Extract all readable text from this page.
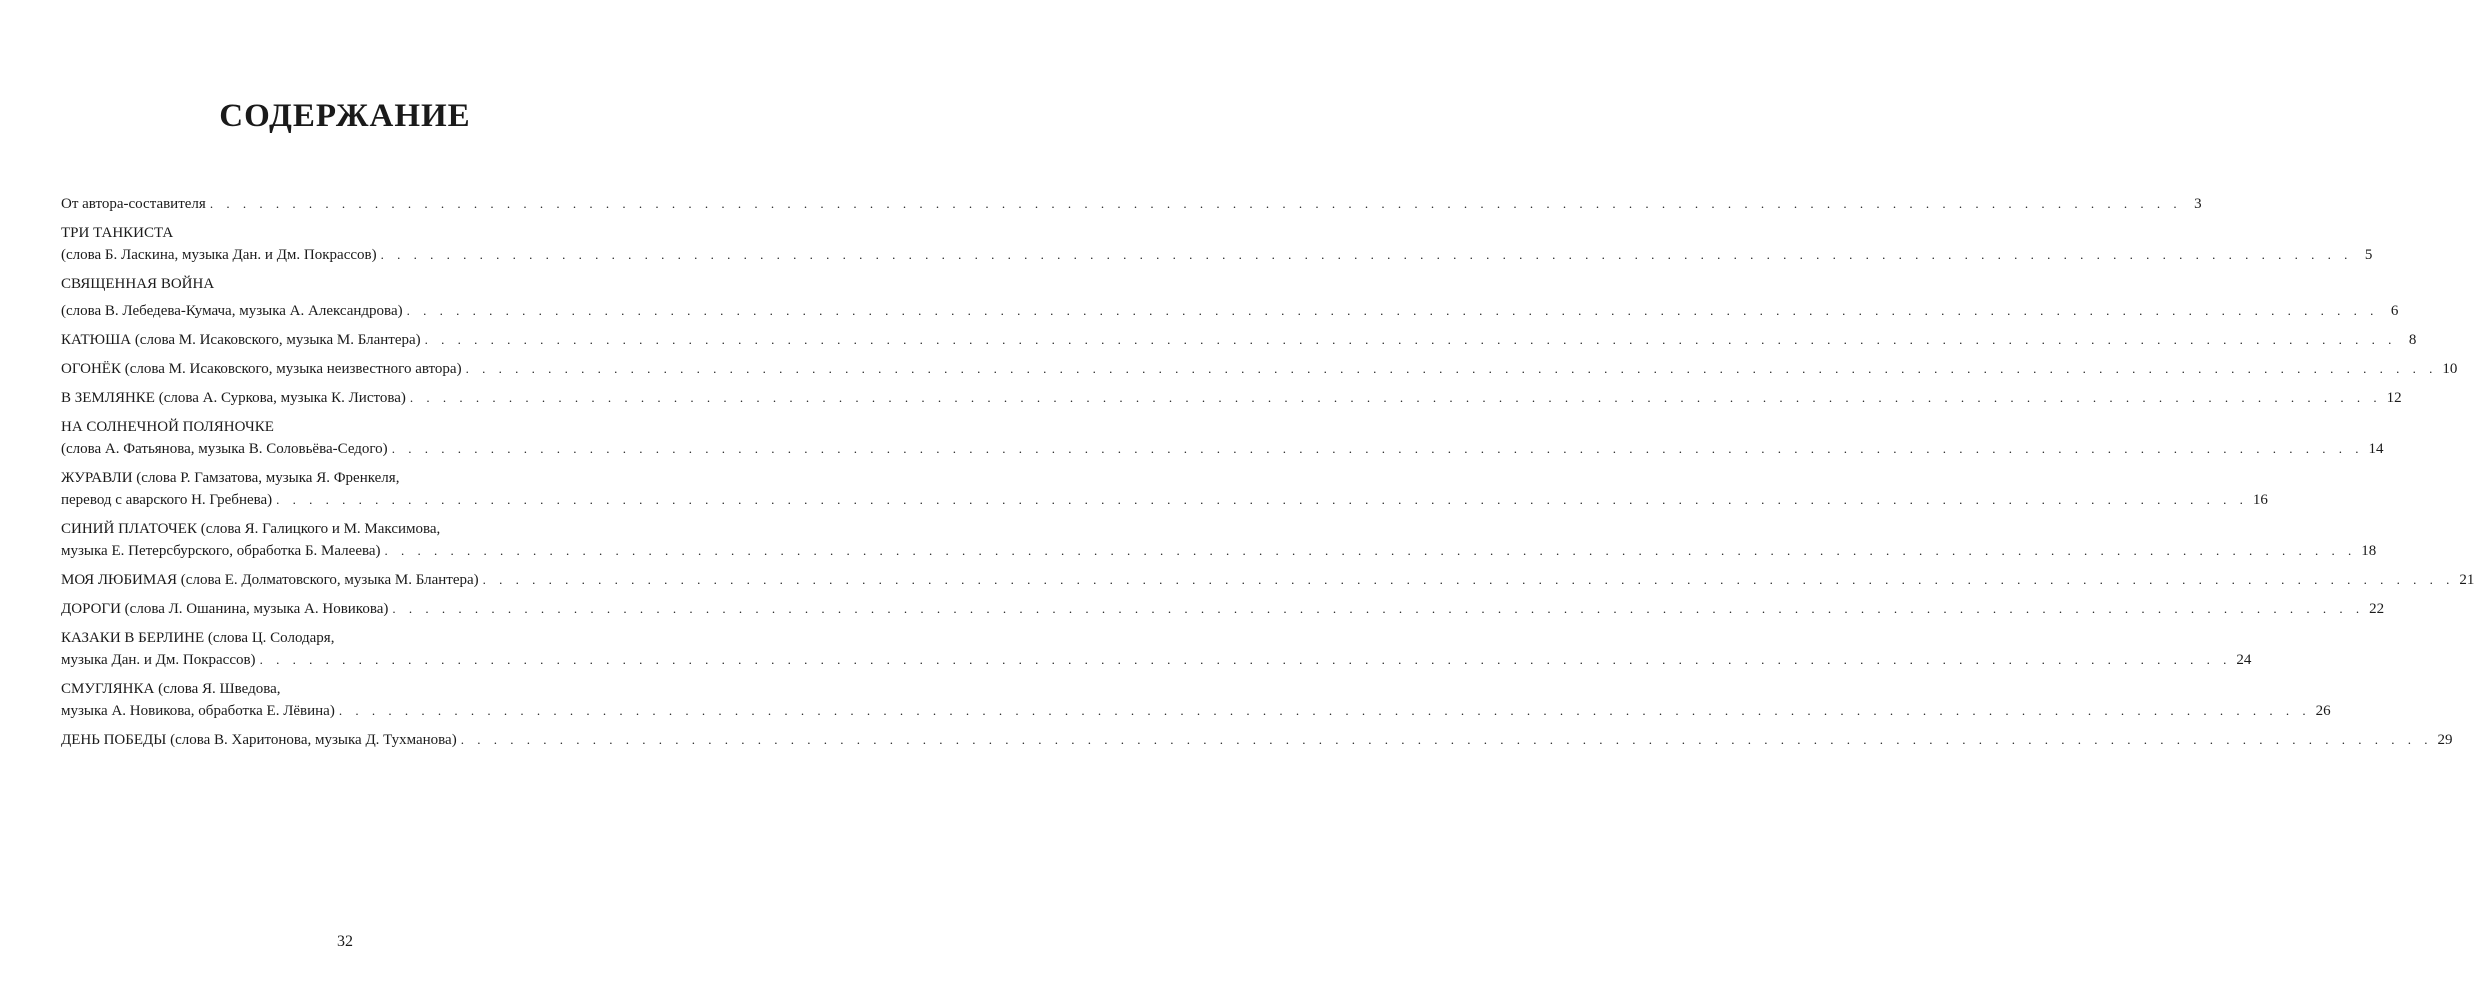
СОДЕРЖАНИЕ
От автора-составителя . . . . . . . . . . . . . . . . . . . . . . . . . . . . . . . . . . . . . . . . . . . . . . . . . . . . . . . . . . . . . . . . . . . . . . . . . . . . . . . . . . . . . . . . . . . . . . . . . . . . . . . . . . . . . . . . . . . . . . . . 3
ТРИ ТАНКИСТА
(слова Б. Ласкина, музыка Дан. и Дм. Покрассов) . . . . . . . . . . . . . . . . . . . . . . . . . . . . . . . . . . . . . . . . . . . . . . . . . . . . . . . . . . . . . . . . . . . . . . . . . . . . . . . . . . . . . . . . . . . . . . . . . . . . . . . . . . . . . . . . . . . . . . . . 5
СВЯЩЕННАЯ ВОЙНА
(слова В. Лебедева-Кумача, музыка А. Александрова) . . . . . . . . . . . . . . . . . . . . . . . . . . . . . . . . . . . . . . . . . . . . . . . . . . . . . . . . . . . . . . . . . . . . . . . . . . . . . . . . . . . . . . . . . . . . . . . . . . . . . . . . . . . . . . . . . . . . . . . . 6
КАТЮША (слова М. Исаковского, музыка М. Блантера) . . . . . . . . . . . . . . . . . . . . . . . . . . . . . . . . . . . . . . . . . . . . . . . . . . . . . . . . . . . . . . . . . . . . . . . . . . . . . . . . . . . . . . . . . . . . . . . . . . . . . . . . . . . . . . . . . . . . . . . . 8
ОГОНЁК (слова М. Исаковского, музыка неизвестного автора) . . . . . . . . . . . . . . . . . . . . . . . . . . . . . . . . . . . . . . . . . . . . . . . . . . . . . . . . . . . . . . . . . . . . . . . . . . . . . . . . . . . . . . . . . . . . . . . . . . . . . . . . . . . . . . . . . . . . . . . . 10
В ЗЕМЛЯНКЕ (слова А. Суркова, музыка К. Листова) . . . . . . . . . . . . . . . . . . . . . . . . . . . . . . . . . . . . . . . . . . . . . . . . . . . . . . . . . . . . . . . . . . . . . . . . . . . . . . . . . . . . . . . . . . . . . . . . . . . . . . . . . . . . . . . . . . . . . . . . 12
НА СОЛНЕЧНОЙ ПОЛЯНОЧКЕ
(слова А. Фатьянова, музыка В. Соловьёва-Седого) . . . . . . . . . . . . . . . . . . . . . . . . . . . . . . . . . . . . . . . . . . . . . . . . . . . . . . . . . . . . . . . . . . . . . . . . . . . . . . . . . . . . . . . . . . . . . . . . . . . . . . . . . . . . . . . . . . . . . . . . 14
ЖУРАВЛИ (слова Р. Гамзатова, музыка Я. Френкеля,
перевод с аварского Н. Гребнева) . . . . . . . . . . . . . . . . . . . . . . . . . . . . . . . . . . . . . . . . . . . . . . . . . . . . . . . . . . . . . . . . . . . . . . . . . . . . . . . . . . . . . . . . . . . . . . . . . . . . . . . . . . . . . . . . . . . . . . . . 16
СИНИЙ ПЛАТОЧЕК (слова Я. Галицкого и М. Максимова,
музыка Е. Петерсбурского, обработка Б. Малеева) . . . . . . . . . . . . . . . . . . . . . . . . . . . . . . . . . . . . . . . . . . . . . . . . . . . . . . . . . . . . . . . . . . . . . . . . . . . . . . . . . . . . . . . . . . . . . . . . . . . . . . . . . . . . . . . . . . . . . . . . 18
МОЯ ЛЮБИМАЯ (слова Е. Долматовского, музыка М. Блантера) . . . . . . . . . . . . . . . . . . . . . . . . . . . . . . . . . . . . . . . . . . . . . . . . . . . . . . . . . . . . . . . . . . . . . . . . . . . . . . . . . . . . . . . . . . . . . . . . . . . . . . . . . . . . . . . . . . . . . . . . 21
ДОРОГИ (слова Л. Ошанина, музыка А. Новикова) . . . . . . . . . . . . . . . . . . . . . . . . . . . . . . . . . . . . . . . . . . . . . . . . . . . . . . . . . . . . . . . . . . . . . . . . . . . . . . . . . . . . . . . . . . . . . . . . . . . . . . . . . . . . . . . . . . . . . . . . 22
КАЗАКИ В БЕРЛИНЕ (слова Ц. Солодаря,
музыка Дан. и Дм. Покрассов) . . . . . . . . . . . . . . . . . . . . . . . . . . . . . . . . . . . . . . . . . . . . . . . . . . . . . . . . . . . . . . . . . . . . . . . . . . . . . . . . . . . . . . . . . . . . . . . . . . . . . . . . . . . . . . . . . . . . . . . . 24
СМУГЛЯНКА (слова Я. Шведова,
музыка А. Новикова, обработка Е. Лёвина) . . . . . . . . . . . . . . . . . . . . . . . . . . . . . . . . . . . . . . . . . . . . . . . . . . . . . . . . . . . . . . . . . . . . . . . . . . . . . . . . . . . . . . . . . . . . . . . . . . . . . . . . . . . . . . . . . . . . . . . . 26
ДЕНЬ ПОБЕДЫ (слова В. Харитонова, музыка Д. Тухманова) . . . . . . . . . . . . . . . . . . . . . . . . . . . . . . . . . . . . . . . . . . . . . . . . . . . . . . . . . . . . . . . . . . . . . . . . . . . . . . . . . . . . . . . . . . . . . . . . . . . . . . . . . . . . . . . . . . . . . . . . 29
32
